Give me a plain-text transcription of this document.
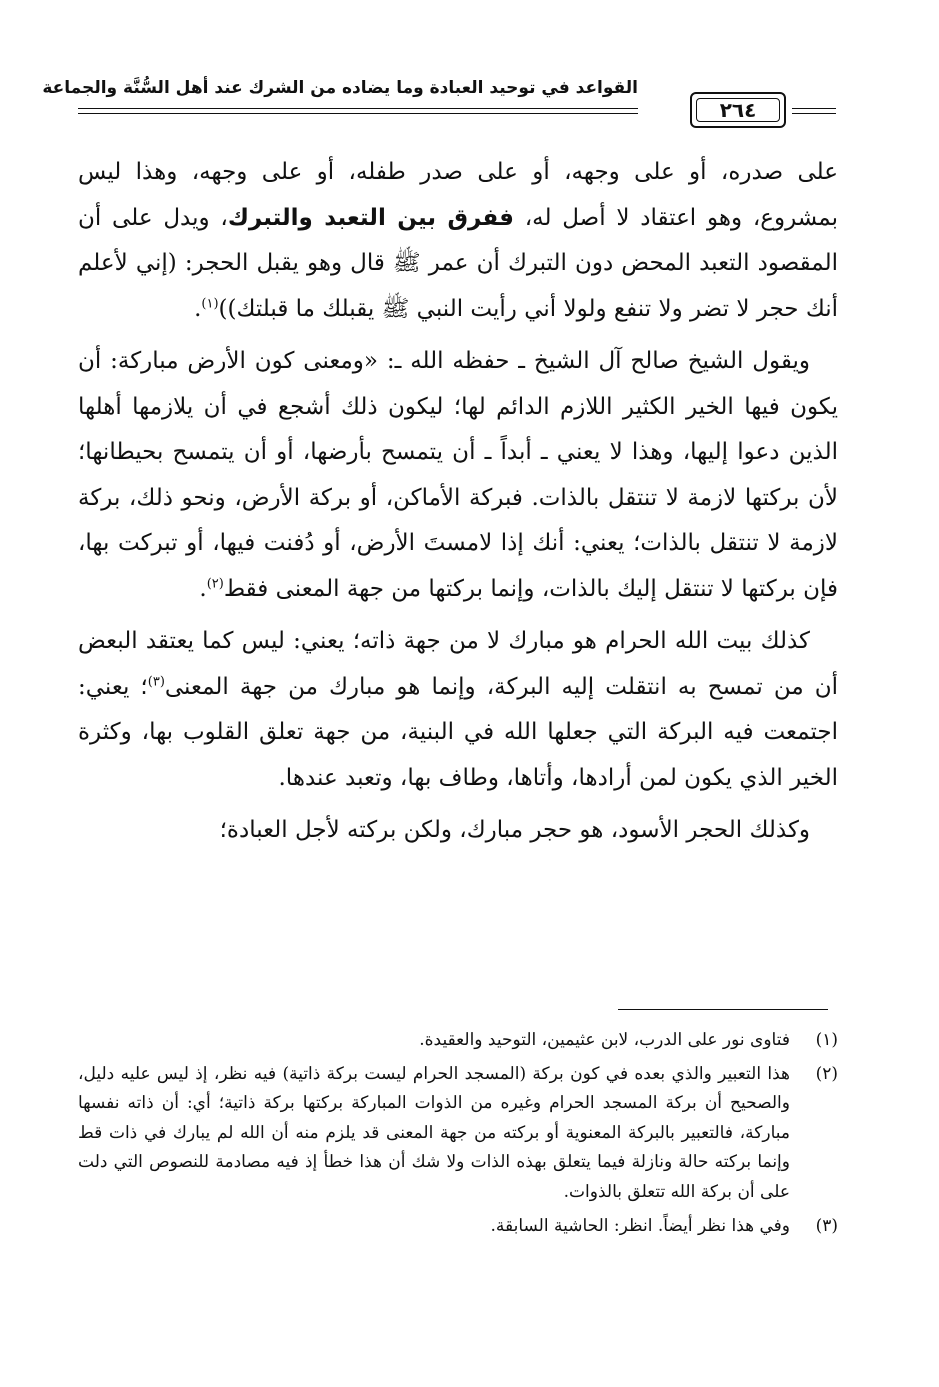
القواعد في توحيد العبادة وما يضاده من الشرك عند أهل السُّنَّة والجماعة
٢٦٤

على صدره، أو على وجهه، أو على صدر طفله، أو على وجهه، وهذا ليس بمشروع، وهو اعتقاد لا أصل له، ففرق بين التعبد والتبرك، ويدل على أن المقصود التعبد المحض دون التبرك أن عمر ﷺ قال وهو يقبل الحجر: (إني لأعلم أنك حجر لا تضر ولا تنفع ولولا أني رأيت النبي ﷺ يقبلك ما قبلتك))$^{(١)}$.

ويقول الشيخ صالح آل الشيخ ـ حفظه الله ـ: «ومعنى كون الأرض مباركة: أن يكون فيها الخير الكثير اللازم الدائم لها؛ ليكون ذلك أشجع في أن يلازمها أهلها الذين دعوا إليها، وهذا لا يعني ـ أبداً ـ أن يتمسح بأرضها، أو أن يتمسح بحيطانها؛ لأن بركتها لازمة لا تنتقل بالذات. فبركة الأماكن، أو بركة الأرض، ونحو ذلك، بركة لازمة لا تنتقل بالذات؛ يعني: أنك إذا لامستَ الأرض، أو دُفنت فيها، أو تبركت بها، فإن بركتها لا تنتقل إليك بالذات، وإنما بركتها من جهة المعنى فقط$^{(٢)}$.

كذلك بيت الله الحرام هو مبارك لا من جهة ذاته؛ يعني: ليس كما يعتقد البعض أن من تمسح به انتقلت إليه البركة، وإنما هو مبارك من جهة المعنى$^{(٣)}$؛ يعني: اجتمعت فيه البركة التي جعلها الله في البنية، من جهة تعلق القلوب بها، وكثرة الخير الذي يكون لمن أرادها، وأتاها، وطاف بها، وتعبد عندها.

وكذلك الحجر الأسود، هو حجر مبارك، ولكن بركته لأجل العبادة؛

(١)
فتاوى نور على الدرب، لابن عثيمين، التوحيد والعقيدة.
(٢)
هذا التعبير والذي بعده في كون بركة (المسجد الحرام ليست بركة ذاتية) فيه نظر، إذ ليس عليه دليل، والصحيح أن بركة المسجد الحرام وغيره من الذوات المباركة بركتها بركة ذاتية؛ أي: أن ذاته نفسها مباركة، فالتعبير بالبركة المعنوية أو بركته من جهة المعنى قد يلزم منه أن الله لم يبارك في ذات قط وإنما بركته حالة ونازلة فيما يتعلق بهذه الذات ولا شك أن هذا خطأ إذ فيه مصادمة للنصوص التي دلت على أن بركة الله تتعلق بالذوات.
(٣)
وفي هذا نظر أيضاً. انظر: الحاشية السابقة.
